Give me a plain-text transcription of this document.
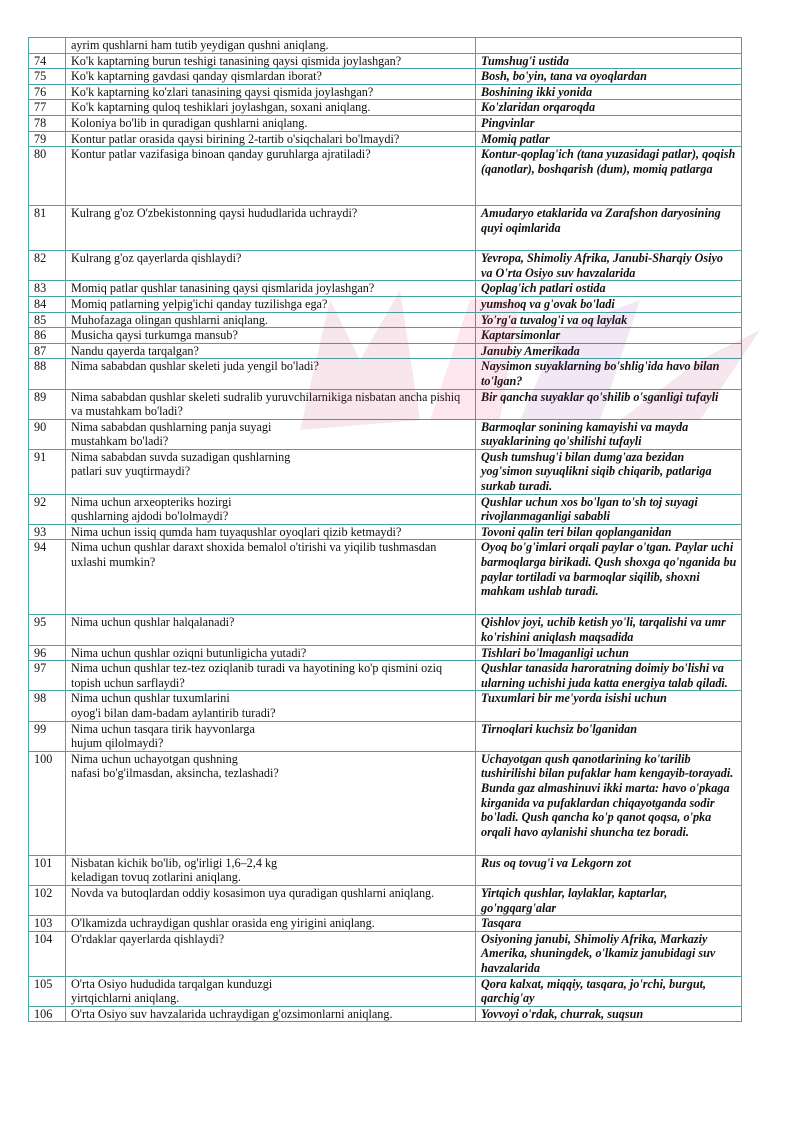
	ayrim qushlarni ham tutib yeydigan qushni aniqlang.	
74	Ko'k kaptarning burun teshigi tanasining qaysi qismida joylashgan?	Tumshug'i ustida
75	Ko'k kaptarning gavdasi qanday qismlardan iborat?	Bosh, bo'yin, tana va oyoqlardan
76	Ko'k kaptarning ko'zlari tanasining qaysi qismida joylashgan?	Boshining ikki yonida
77	Ko'k kaptarning quloq teshiklari joylashgan, soxani aniqlang.	Ko'zlaridan orqaroqda
78	Koloniya bo'lib in quradigan qushlarni aniqlang.	Pingvinlar
79	Kontur patlar orasida qaysi birining 2-tartib o'siqchalari bo'lmaydi?	Momiq patlar
80	Kontur patlar vazifasiga binoan qanday guruhlarga ajratiladi?	Kontur-qoplag'ich (tana yuzasidagi patlar), qoqish
(qanotlar), boshqarish (dum), momiq patlarga
81	Kulrang g'oz O'zbekistonning qaysi hududlarida uchraydi?	Amudaryo etaklarida va Zarafshon daryosining quyi oqimlarida
82	Kulrang g'oz qayerlarda qishlaydi?	Yevropa, Shimoliy Afrika, Janubi-Sharqiy Osiyo va O'rta Osiyo suv havzalarida
83	Momiq patlar qushlar tanasining qaysi qismlarida joylashgan?	Qoplag'ich patlari ostida
84	Momiq patlarning yelpig'ichi qanday tuzilishga ega?	yumshoq va g'ovak bo'ladi
85	Muhofazaga olingan qushlarni aniqlang.	Yo'rg'a tuvalog'i va oq laylak
86	Musicha qaysi turkumga mansub?	Kaptarsimonlar
87	Nandu qayerda tarqalgan?	Janubiy Amerikada
88	Nima sababdan qushlar skeleti juda yengil bo'ladi?	Naysimon suyaklarning bo'shlig'ida havo bilan to'lgan?
89	Nima sababdan qushlar skeleti sudralib yuruvchilarnikiga nisbatan ancha pishiq va mustahkam bo'ladi?	Bir qancha suyaklar qo'shilib o'sganligi tufayli
90	Nima sababdan qushlarning panja suyagi
mustahkam bo'ladi?	Barmoqlar sonining kamayishi va mayda suyaklarining qo'shilishi tufayli
91	Nima sababdan suvda suzadigan qushlarning
patlari suv yuqtirmaydi?	Qush tumshug'i bilan dumg'aza bezidan yog'simon suyuqlikni siqib chiqarib, patlariga surkab turadi.
92	Nima uchun arxeopteriks hozirgi
qushlarning ajdodi bo'lolmaydi?	Qushlar uchun xos bo'lgan to'sh toj suyagi rivojlanmaganligi sababli
93	Nima uchun issiq qumda ham tuyaqushlar oyoqlari qizib ketmaydi?	Tovoni qalin teri bilan qoplanganidan
94	Nima uchun qushlar daraxt shoxida bemalol o'tirishi va yiqilib tushmasdan uxlashi mumkin?	Oyoq bo'g'imlari orqali paylar o'tgan. Paylar uchi barmoqlarga birikadi. Qush shoxga qo'nganida bu paylar tortiladi va barmoqlar siqilib, shoxni mahkam ushlab turadi.
95	Nima uchun qushlar halqalanadi?	Qishlov joyi, uchib ketish yo'li, tarqalishi va umr ko'rishini aniqlash maqsadida
96	Nima uchun qushlar oziqni butunligicha yutadi?	Tishlari bo'lmaganligi uchun
97	Nima uchun qushlar tez-tez oziqlanib turadi va hayotining ko'p qismini oziq topish uchun sarflaydi?	Qushlar tanasida haroratning doimiy bo'lishi va ularning uchishi juda katta energiya talab qiladi.
98	Nima uchun qushlar tuxumlarini
oyog'i bilan dam-badam aylantirib turadi?	Tuxumlari bir me'yorda isishi uchun
99	Nima uchun tasqara tirik hayvonlarga
hujum qilolmaydi?	Tirnoqlari kuchsiz bo'lganidan
100	Nima uchun uchayotgan qushning
nafasi bo'g'ilmasdan, aksincha, tezlashadi?	Uchayotgan qush qanotlarining ko'tarilib tushirilishi bilan pufaklar ham kengayib-torayadi. Bunda gaz almashinuvi ikki marta: havo o'pkaga kirganida va pufaklardan chiqayotganda sodir bo'ladi. Qush qancha ko'p qanot qoqsa, o'pka orqali havo aylanishi shuncha tez boradi.
101	Nisbatan kichik bo'lib, og'irligi 1,6–2,4 kg
keladigan tovuq zotlarini aniqlang.	Rus oq tovug'i va Lekgorn zot
102	Novda va butoqlardan oddiy kosasimon uya quradigan qushlarni aniqlang.	Yirtqich qushlar, laylaklar, kaptarlar, go'ngqarg'alar
103	O'lkamizda uchraydigan qushlar orasida eng yirigini aniqlang.	Tasqara
104	O'rdaklar qayerlarda qishlaydi?	Osiyoning janubi, Shimoliy Afrika, Markaziy Amerika, shuningdek, o'lkamiz janubidagi suv havzalarida
105	O'rta Osiyo hududida tarqalgan kunduzgi
yirtqichlarni aniqlang.	Qora kalxat, miqqiy, tasqara, jo'rchi, burgut, qarchig'ay
106	O'rta Osiyo suv havzalarida uchraydigan g'ozsimonlarni aniqlang.	Yovvoyi o'rdak, churrak, suqsun
